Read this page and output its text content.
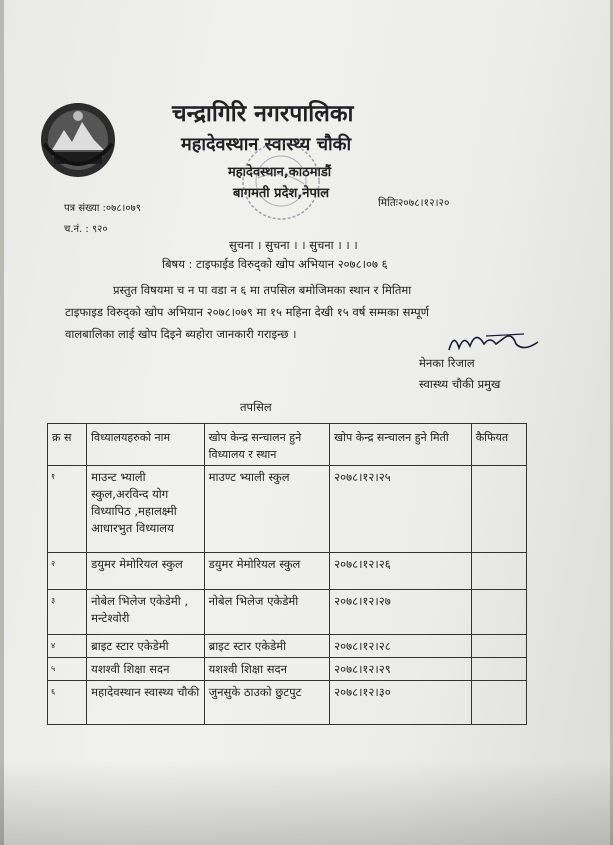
चन्द्रागिरि नगरपालिका
महादेवस्थान स्वास्थ्य चौकी
महादेवस्थान,काठमाडौं
बागमती प्रदेश,नेपाल
पत्र संख्या :०७८।०७९
च.नं. : ९२०
मितिः२०७८।१२।२०
सुचना । सुचना । । सुचना । । ।
बिषय : टाइफाईड विरुद्को खोप अभियान २०७८।०७ ६
प्रस्तुत विषयमा च न पा वडा न ६ मा तपसिल बमोजिमका स्थान र मितिमा
टाइफाइड विरुद्को खोप अभियान २०७८।०७९ मा १५ महिना देखी १५ वर्ष सम्मका सम्पूर्ण
वालबालिका लाई खोप दिइने ब्यहोरा जानकारी गराइन्छ ।
मेनका रिजाल
स्वास्थ्य चौकी प्रमुख
तपसिल
क्र स	विध्यालयहरुको नाम	खोप केन्द्र सन्चालन हुने विध्यालय र स्थान	खोप केन्द्र सन्चालन हुने मिती	कैफियत
१	माउन्ट भ्याली स्कुल,अरविन्द योग विध्यापिठ ,महालक्ष्मी आधारभुत विध्यालय	माउण्ट भ्याली स्कुल	२०७८।१२।२५	
२	डयुमर मेमोरियल स्कुल	डयुमर मेमोरियल स्कुल	२०७८।१२।२६	
३	नोबेल भिलेज एकेडेमी , मन्टेश्वोरी	नोबेल भिलेज एकेडेमी	२०७८।१२।२७	
४	ब्राइट स्टार एकेडेमी	ब्राइट स्टार एकेडेमी	२०७८।१२।२८	
५	यशश्वी शिक्षा सदन	यशश्वी शिक्षा सदन	२०७८।१२।२९	
६	महादेवस्थान स्वास्थ्य चौकी	जुनसुके ठाउको छुटपुट	२०७८।१२।३०	
